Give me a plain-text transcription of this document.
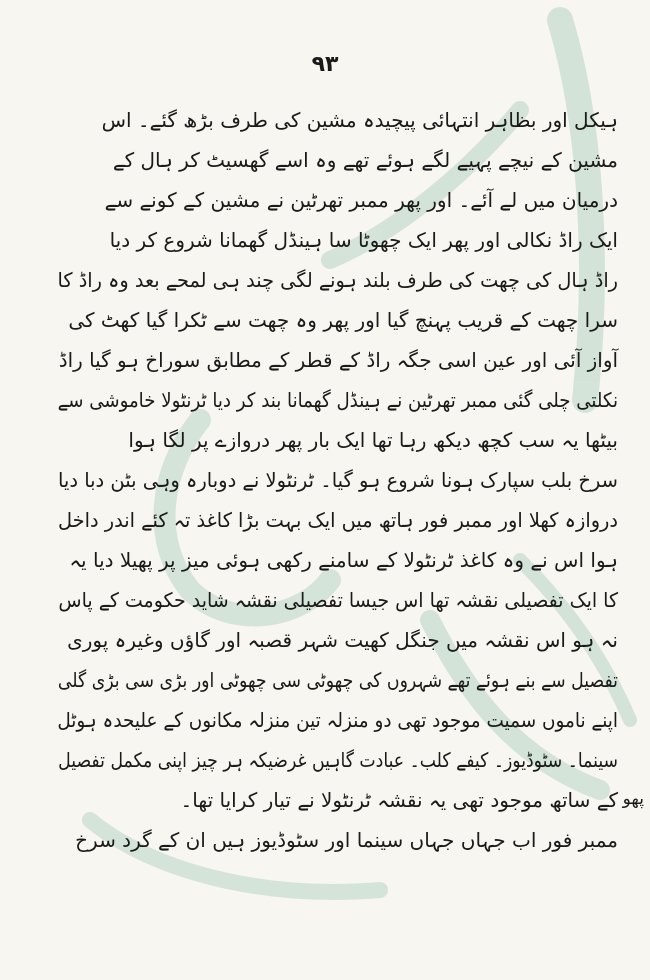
۹۳
ہیکل اور بظاہر انتہائی پیچیدہ مشین کی طرف بڑھ گئے۔ اس
مشین کے نیچے پہیے لگے ہوئے تھے وہ اسے گھسیٹ کر ہال کے
درمیان میں لے آئے۔ اور پھر ممبر تھرٹین نے مشین کے کونے سے
ایک راڈ نکالی اور پھر ایک چھوٹا سا ہینڈل گھمانا شروع کر دیا
راڈ ہال کی چھت کی طرف بلند ہونے لگی چند ہی لمحے بعد وہ راڈ کا
سرا چھت کے قریب پہنچ گیا اور پھر وہ چھت سے ٹکرا گیا کھٹ کی
آواز آئی اور عین اسی جگہ راڈ کے قطر کے مطابق سوراخ ہو گیا راڈ
نکلتی چلی گئی ممبر تھرٹین نے ہینڈل گھمانا بند کر دیا ٹرنٹولا خاموشی سے
بیٹھا یہ سب کچھ دیکھ رہا تھا ایک بار پھر دروازے پر لگا ہوا
سرخ بلب سپارک ہونا شروع ہو گیا۔ ٹرنٹولا نے دوبارہ وہی بٹن دبا دیا
دروازہ کھلا اور ممبر فور ہاتھ میں ایک بہت بڑا کاغذ تہ کئے اندر داخل
ہوا اس نے وہ کاغذ ٹرنٹولا کے سامنے رکھی ہوئی میز پر پھیلا دیا یہ
کا ایک تفصیلی نقشہ تھا اس جیسا تفصیلی نقشہ شاید حکومت کے پاس
نہ ہو اس نقشہ میں جنگل کھیت شہر قصبہ اور گاؤں وغیرہ پوری
تفصیل سے بنے ہوئے تھے شہروں کی چھوٹی سی چھوٹی اور بڑی سی بڑی گلی
اپنے ناموں سمیت موجود تھی دو منزلہ تین منزلہ مکانوں کے علیحدہ ہوٹل
سینما۔ سٹوڈیوز۔ کیفے کلب۔ عبادت گاہیں غرضیکہ ہر چیز اپنی مکمل تفصیل
کے ساتھ موجود تھی یہ نقشہ ٹرنٹولا نے تیار کرایا تھا۔
ممبر فور اب جہاں جہاں سینما اور سٹوڈیوز ہیں ان کے گرد سرخ
پھو
